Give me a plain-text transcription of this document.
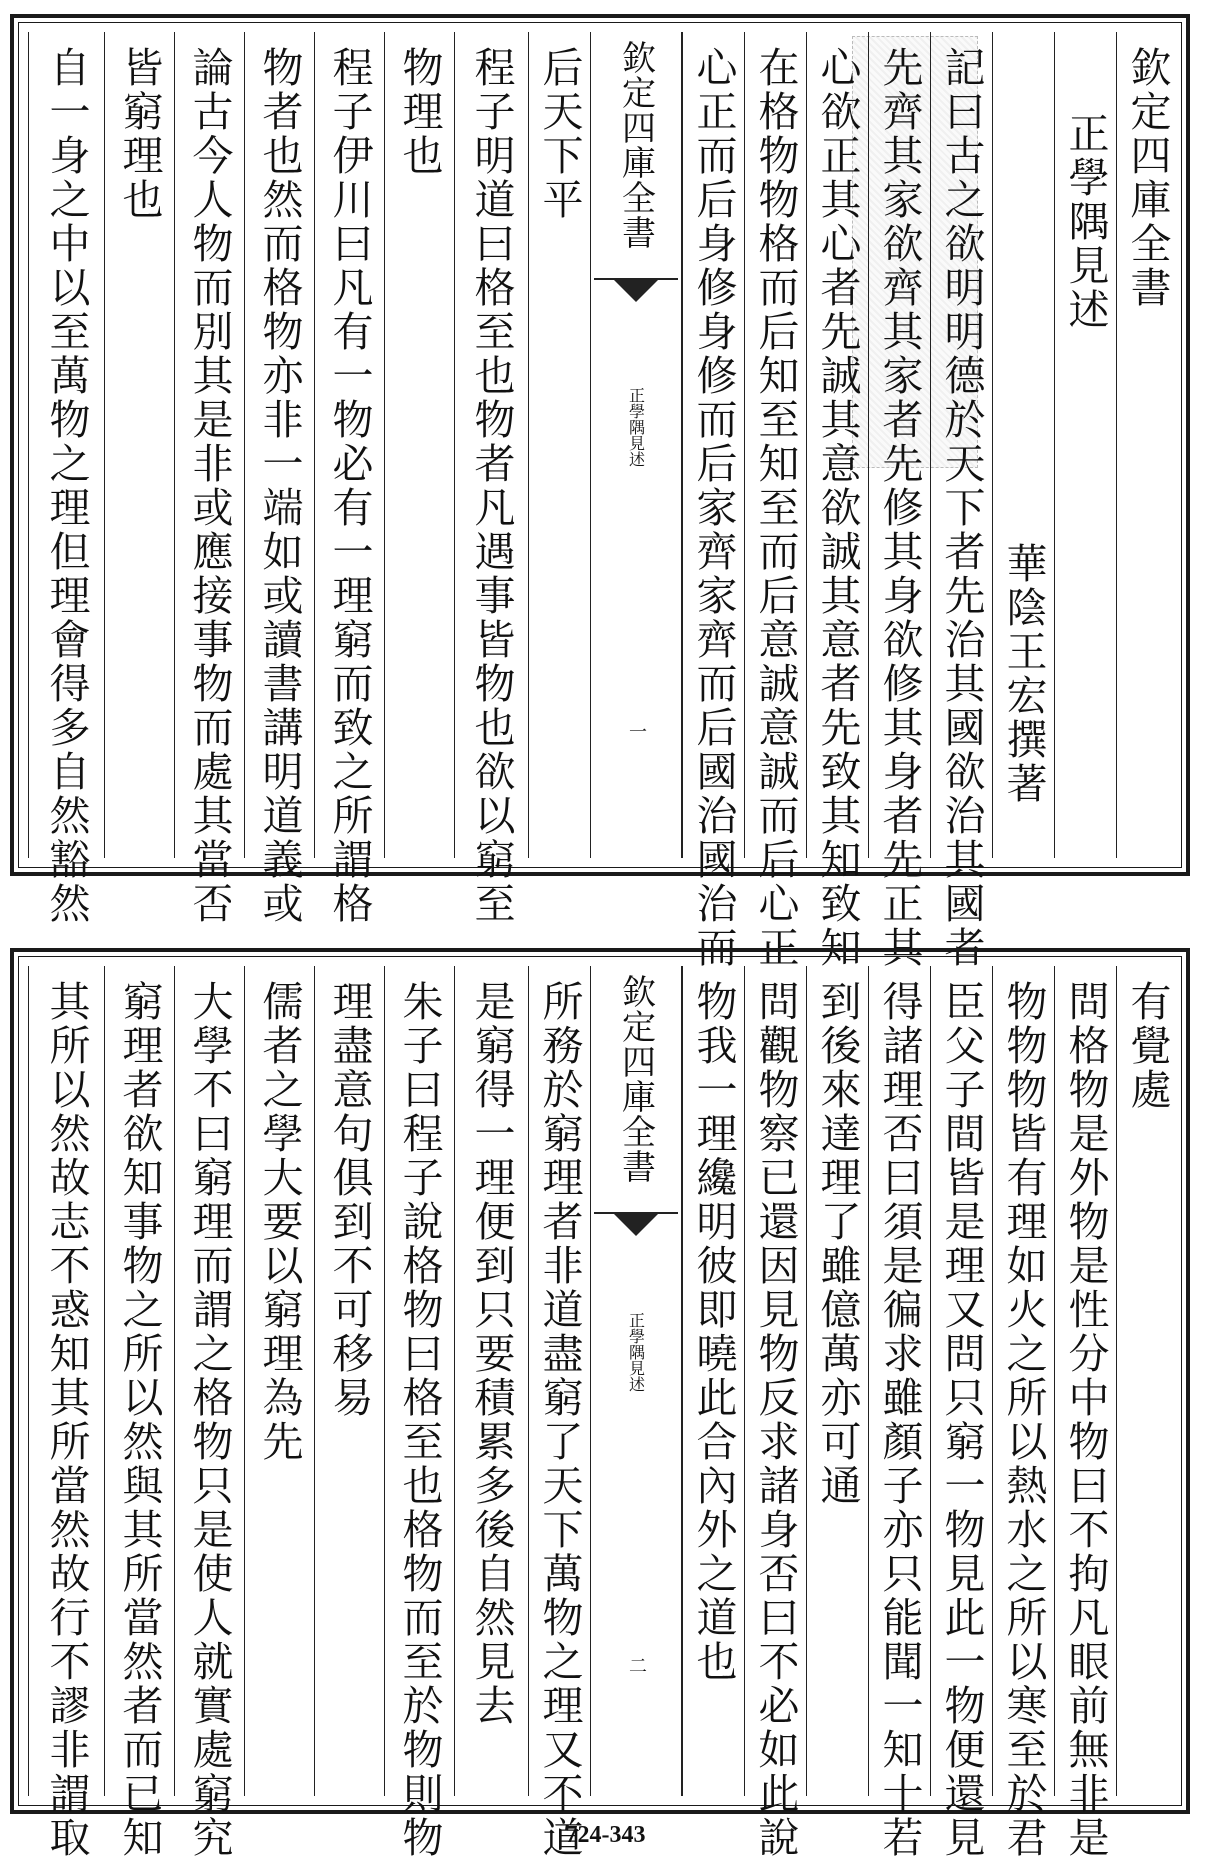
欽定四庫全書
正學隅見述
華陰王宏撰著
記曰古之欲明明德於天下者先治其國欲治其國者
先齊其家欲齊其家者先修其身欲修其身者先正其
心欲正其心者先誠其意欲誠其意者先致其知致知
在格物物格而后知至知至而后意誠意誠而后心正
心正而后身修身修而后家齊家齊而后國治國治而
欽定四庫全書
正學隅見述
一
后天下平
程子明道曰格至也物者凡遇事皆物也欲以窮至
物理也
程子伊川曰凡有一物必有一理窮而致之所謂格
物者也然而格物亦非一端如或讀書講明道義或
論古今人物而別其是非或應接事物而處其當否
皆窮理也
自一身之中以至萬物之理但理會得多自然豁然
有覺處
問格物是外物是性分中物曰不拘凡眼前無非是
物物物皆有理如火之所以熱水之所以寒至於君
臣父子間皆是理又問只窮一物見此一物便還見
得諸理否曰須是徧求雖顏子亦只能聞一知十若
到後來達理了雖億萬亦可通
問觀物察已還因見物反求諸身否曰不必如此說
物我一理纔明彼即曉此合內外之道也
欽定四庫全書
正學隅見述
二
所務於窮理者非道盡窮了天下萬物之理又不道
是窮得一理便到只要積累多後自然見去
朱子曰程子說格物曰格至也格物而至於物則物
理盡意句俱到不可移易
儒者之學大要以窮理為先
大學不曰窮理而謂之格物只是使人就實處窮究
窮理者欲知事物之所以然與其所當然者而已知
其所以然故志不惑知其所當然故行不謬非謂取	724-343
